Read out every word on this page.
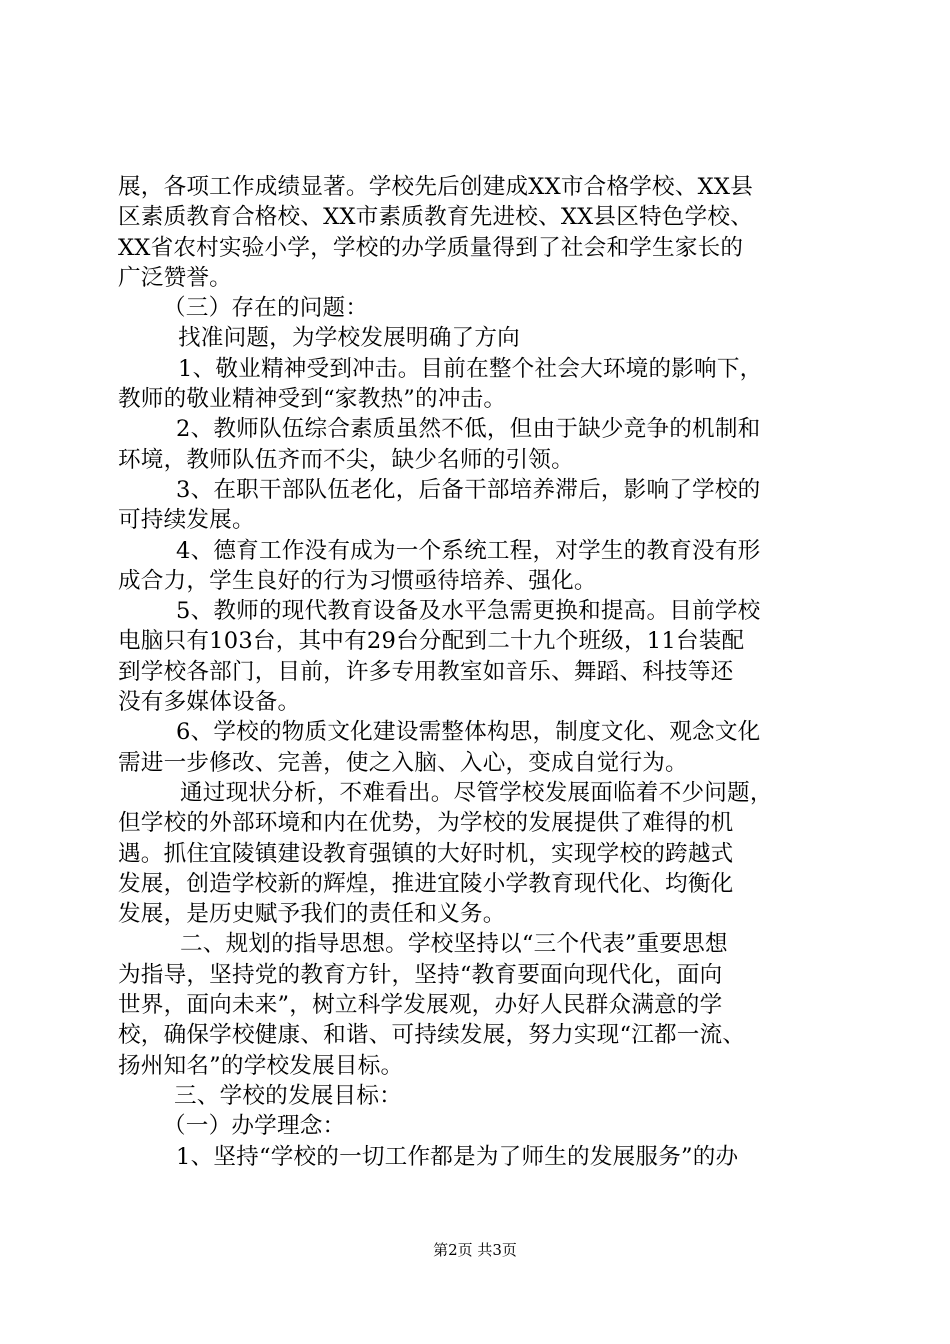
展，各项工作成绩显著。学校先后创建成XX市合格学校、XX县
区素质教育合格校、XX市素质教育先进校、XX县区特色学校、
XX省农村实验小学，学校的办学质量得到了社会和学生家长的
广泛赞誉。
（三）存在的问题：
找准问题，为学校发展明确了方向
1、敬业精神受到冲击。目前在整个社会大环境的影响下，
教师的敬业精神受到“家教热”的冲击。
2、教师队伍综合素质虽然不低，但由于缺少竞争的机制和
环境，教师队伍齐而不尖，缺少名师的引领。
3、在职干部队伍老化，后备干部培养滞后，影响了学校的
可持续发展。
4、德育工作没有成为一个系统工程，对学生的教育没有形
成合力，学生良好的行为习惯亟待培养、强化。
5、教师的现代教育设备及水平急需更换和提高。目前学校
电脑只有103台，其中有29台分配到二十九个班级，11台装配
到学校各部门，目前，许多专用教室如音乐、舞蹈、科技等还
没有多媒体设备。
6、学校的物质文化建设需整体构思，制度文化、观念文化
需进一步修改、完善，使之入脑、入心，变成自觉行为。
通过现状分析，不难看出。尽管学校发展面临着不少问题，
但学校的外部环境和内在优势，为学校的发展提供了难得的机
遇。抓住宜陵镇建设教育强镇的大好时机，实现学校的跨越式
发展，创造学校新的辉煌，推进宜陵小学教育现代化、均衡化
发展，是历史赋予我们的责任和义务。
二、规划的指导思想。学校坚持以“三个代表”重要思想
为指导，坚持党的教育方针，坚持“教育要面向现代化，面向
世界，面向未来”，树立科学发展观，办好人民群众满意的学
校，确保学校健康、和谐、可持续发展，努力实现“江都一流、
扬州知名”的学校发展目标。
三、学校的发展目标：
（一）办学理念：
1、坚持“学校的一切工作都是为了师生的发展服务”的办
第2页 共3页
